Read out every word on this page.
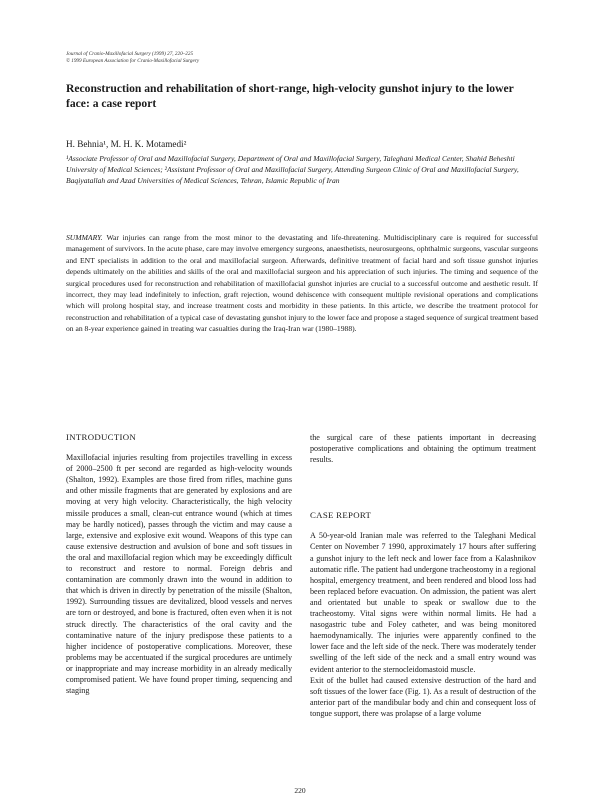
Journal of Cranio-Maxillofacial Surgery (1999) 27, 220–225
© 1999 European Association for Cranio-Maxillofacial Surgery
Reconstruction and rehabilitation of short-range, high-velocity gunshot injury to the lower face: a case report
H. Behnia¹, M. H. K. Motamedi²
¹Associate Professor of Oral and Maxillofacial Surgery, Department of Oral and Maxillofacial Surgery, Taleghani Medical Center, Shahid Beheshti University of Medical Sciences; ²Assistant Professor of Oral and Maxillofacial Surgery, Attending Surgeon Clinic of Oral and Maxillofacial Surgery, Baqiyatallah and Azad Universities of Medical Sciences, Tehran, Islamic Republic of Iran
SUMMARY. War injuries can range from the most minor to the devastating and life-threatening. Multidisciplinary care is required for successful management of survivors. In the acute phase, care may involve emergency surgeons, anaesthetists, neurosurgeons, ophthalmic surgeons, vascular surgeons and ENT specialists in addition to the oral and maxillofacial surgeon. Afterwards, definitive treatment of facial hard and soft tissue gunshot injuries depends ultimately on the abilities and skills of the oral and maxillofacial surgeon and his appreciation of such injuries. The timing and sequence of the surgical procedures used for reconstruction and rehabilitation of maxillofacial gunshot injuries are crucial to a successful outcome and aesthetic result. If incorrect, they may lead indefinitely to infection, graft rejection, wound dehiscence with consequent multiple revisional operations and complications which will prolong hospital stay, and increase treatment costs and morbidity in these patients. In this article, we describe the treatment protocol for reconstruction and rehabilitation of a typical case of devastating gunshot injury to the lower face and propose a staged sequence of surgical treatment based on an 8-year experience gained in treating war casualties during the Iraq-Iran war (1980–1988).
INTRODUCTION

Maxillofacial injuries resulting from projectiles travelling in excess of 2000–2500 ft per second are regarded as high-velocity wounds (Shalton, 1992). Examples are those fired from rifles, machine guns and other missile fragments that are generated by explosions and are moving at very high velocity. Characteristically, the high velocity missile produces a small, clean-cut entrance wound (which at times may be hardly noticed), passes through the victim and may cause a large, extensive and explosive exit wound. Weapons of this type can cause extensive destruction and avulsion of bone and soft tissues in the oral and maxillofacial region which may be exceedingly difficult to reconstruct and restore to normal. Foreign debris and contamination are commonly drawn into the wound in addition to that which is driven in directly by penetration of the missile (Shalton, 1992). Surrounding tissues are devitalized, blood vessels and nerves are torn or destroyed, and bone is fractured, often even when it is not struck directly. The characteristics of the oral cavity and the contaminative nature of the injury predispose these patients to a higher incidence of postoperative complications. Moreover, these problems may be accentuated if the surgical procedures are untimely or inappropriate and may increase morbidity in an already medically compromised patient. We have found proper timing, sequencing and staging

the surgical care of these patients important in decreasing postoperative complications and obtaining the optimum treatment results.

CASE REPORT

A 50-year-old Iranian male was referred to the Taleghani Medical Center on November 7 1990, approximately 17 hours after suffering a gunshot injury to the left neck and lower face from a Kalashnikov automatic rifle. The patient had undergone tracheostomy in a regional hospital, emergency treatment, and been rendered and blood loss had been replaced before evacuation. On admission, the patient was alert and orientated but unable to speak or swallow due to the tracheostomy. Vital signs were within normal limits. He had a nasogastric tube and Foley catheter, and was being monitored haemodynamically. The injuries were apparently confined to the lower face and the left side of the neck. There was moderately tender swelling of the left side of the neck and a small entry wound was evident anterior to the sternocleidomastoid muscle.

Exit of the bullet had caused extensive destruction of the hard and soft tissues of the lower face (Fig. 1). As a result of destruction of the anterior part of the mandibular body and chin and consequent loss of tongue support, there was prolapse of a large volume

220
